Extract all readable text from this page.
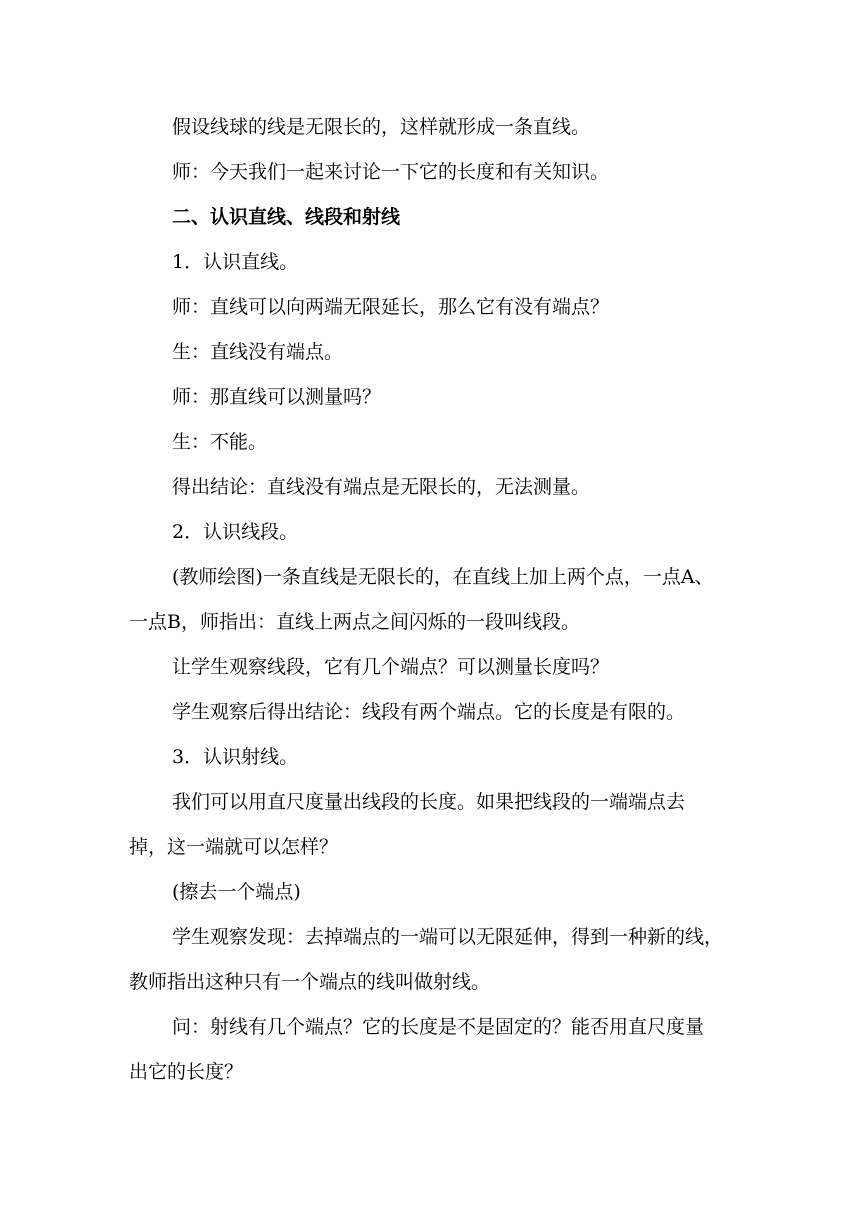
假设线球的线是无限长的，这样就形成一条直线。
师：今天我们一起来讨论一下它的长度和有关知识。
二、认识直线、线段和射线
1．认识直线。
师：直线可以向两端无限延长，那么它有没有端点？
生：直线没有端点。
师：那直线可以测量吗？
生：不能。
得出结论：直线没有端点是无限长的，无法测量。
2．认识线段。
(教师绘图)一条直线是无限长的，在直线上加上两个点，一点A、
一点B，师指出：直线上两点之间闪烁的一段叫线段。
让学生观察线段，它有几个端点？可以测量长度吗？
学生观察后得出结论：线段有两个端点。它的长度是有限的。
3．认识射线。
我们可以用直尺度量出线段的长度。如果把线段的一端端点去
掉，这一端就可以怎样？
(擦去一个端点)
学生观察发现：去掉端点的一端可以无限延伸，得到一种新的线，
教师指出这种只有一个端点的线叫做射线。
问：射线有几个端点？它的长度是不是固定的？能否用直尺度量
出它的长度？
